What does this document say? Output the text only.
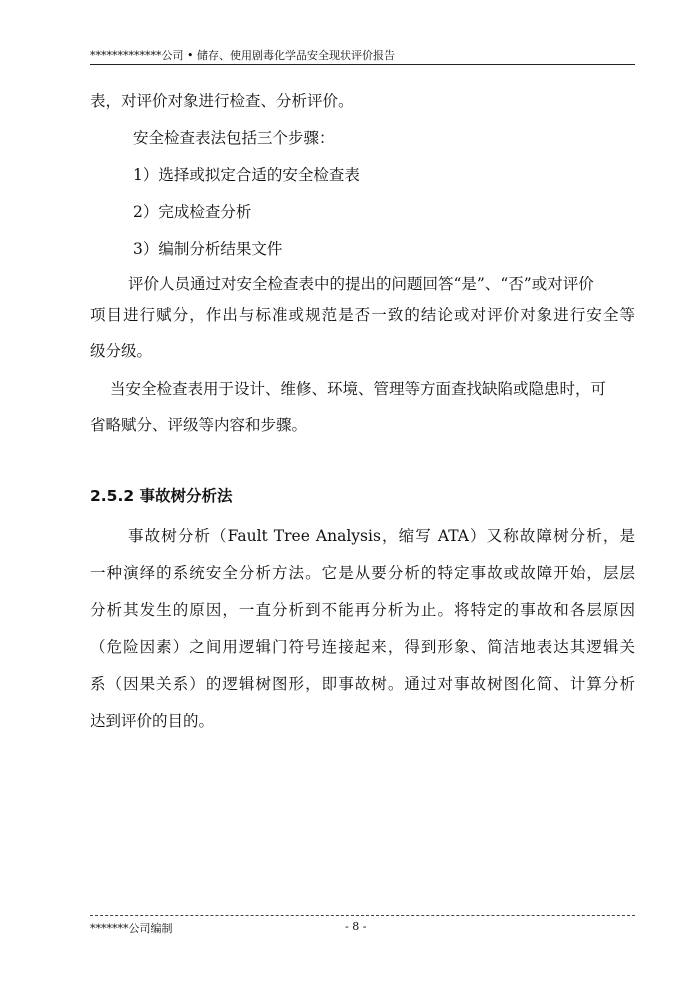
*************公司 • 储存、使用剧毒化学品安全现状评价报告
表，对评价对象进行检查、分析评价。
安全检查表法包括三个步骤：
1）选择或拟定合适的安全检查表
2）完成检查分析
3）编制分析结果文件
评价人员通过对安全检查表中的提出的问题回答“是”、“否”或对评价
项目进行赋分，作出与标准或规范是否一致的结论或对评价对象进行安全等
级分级。
当安全检查表用于设计、维修、环境、管理等方面查找缺陷或隐患时，可
省略赋分、评级等内容和步骤。
2.5.2 事故树分析法
事故树分析（Fault Tree Analysis，缩写 ATA）又称故障树分析，是
一种演绎的系统安全分析方法。它是从要分析的特定事故或故障开始，层层
分析其发生的原因，一直分析到不能再分析为止。将特定的事故和各层原因
（危险因素）之间用逻辑门符号连接起来，得到形象、简洁地表达其逻辑关
系（因果关系）的逻辑树图形，即事故树。通过对事故树图化简、计算分析
达到评价的目的。
*******公司编制	- 8 -
